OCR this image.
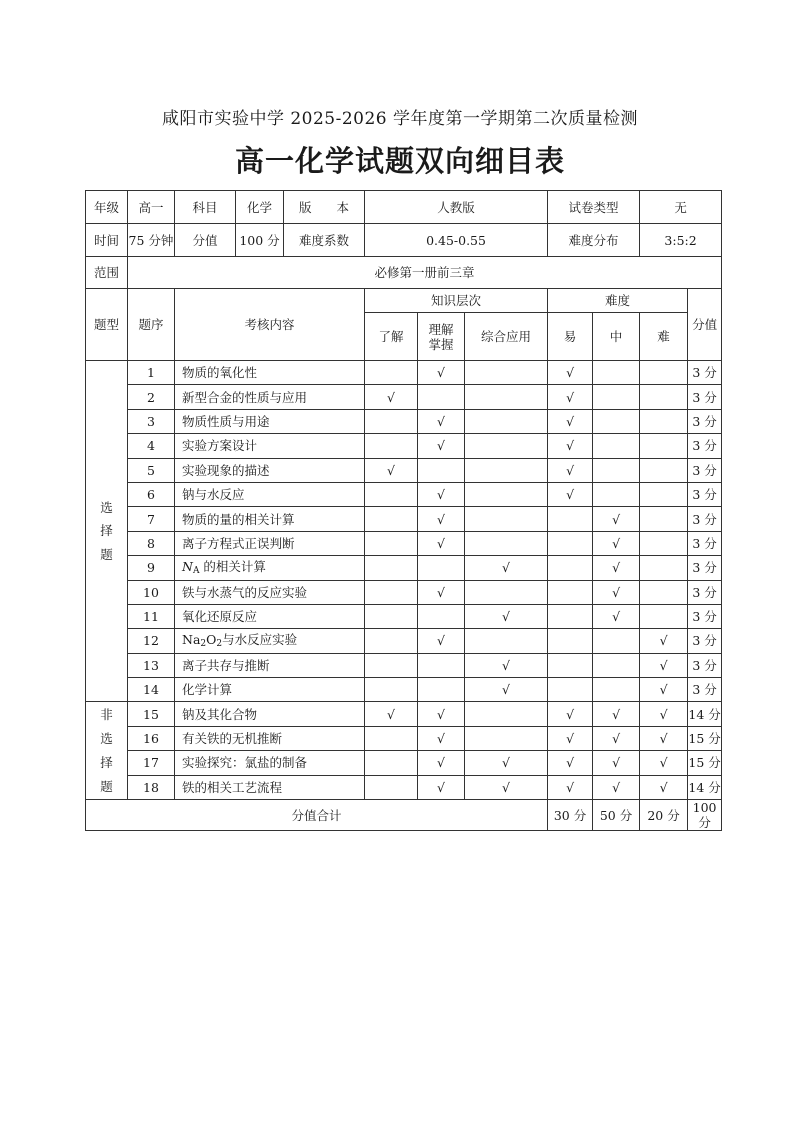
咸阳市实验中学 2025-2026 学年度第一学期第二次质量检测
高一化学试题双向细目表
年级	高一	科目	化学	版　　本	人教版			试卷类型		无	
时间	75 分钟	分值	100 分	难度系数	0.45-0.55			难度分布		3:5:2	
范围	必修第一册前三章										
题型	题序	考核内容			知识层次			难度			分值
					了解	理解掌握	综合应用	易	中	难	

选
择
题	1	物质的氧化性				√		√			3 分
	2	新型合金的性质与应用			√			√			3 分
	3	物质性质与用途				√		√			3 分
	4	实验方案设计				√		√			3 分
	5	实验现象的描述			√			√			3 分
	6	钠与水反应				√		√			3 分
	7	物质的量的相关计算				√			√		3 分
	8	离子方程式正误判断				√			√		3 分
	9	$N_A$ 的相关计算					√		√		3 分
	10	铁与水蒸气的反应实验				√			√		3 分
	11	氧化还原反应					√		√		3 分
	12	$Na_2O_2$与水反应实验				√				√	3 分
	13	离子共存与推断					√			√	3 分
	14	化学计算					√			√	3 分

非
选
择
题	15	钠及其化合物			√	√		√	√	√	14 分
	16	有关铁的无机推断				√		√	√	√	15 分
	17	实验探究：氯盐的制备				√	√	√	√	√	15 分
	18	铁的相关工艺流程				√	√	√	√	√	14 分
分值合计								30 分	50 分	20 分	100 分
